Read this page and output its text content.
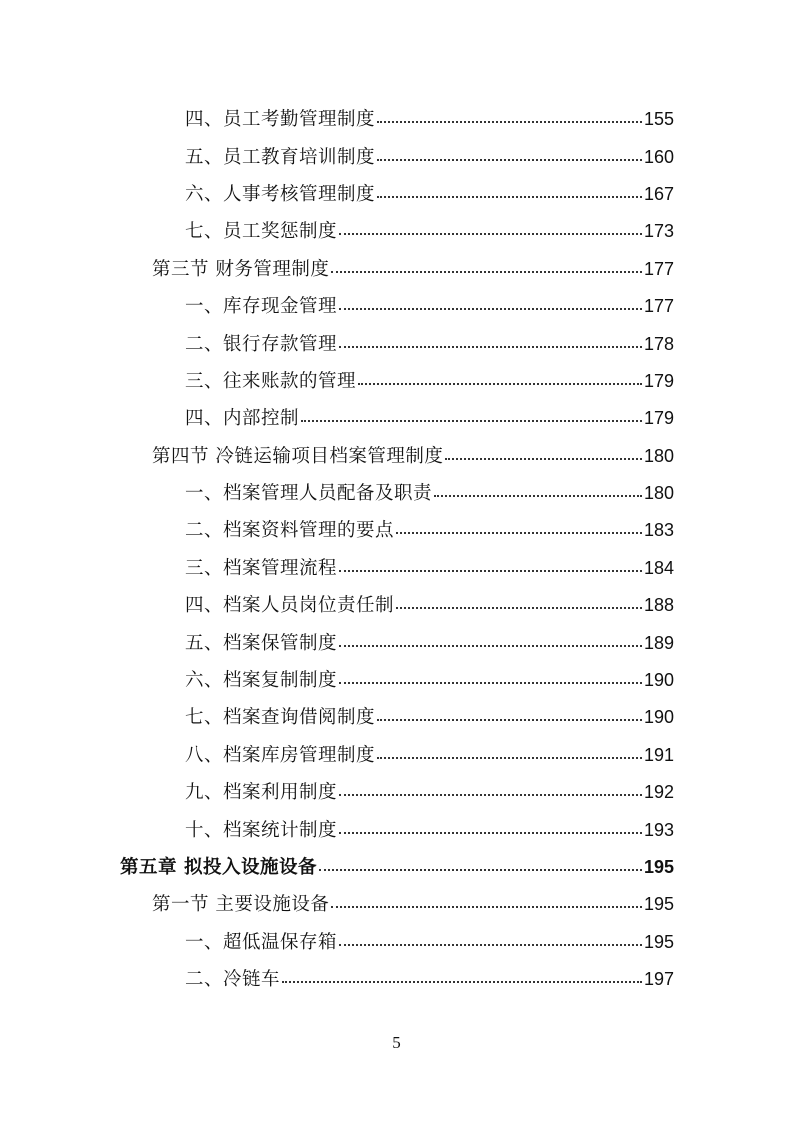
四、员工考勤管理制度	155
五、员工教育培训制度	160
六、人事考核管理制度	167
七、员工奖惩制度	173
第三节 财务管理制度	177
一、库存现金管理	177
二、银行存款管理	178
三、往来账款的管理	179
四、内部控制	179
第四节 冷链运输项目档案管理制度	180
一、档案管理人员配备及职责	180
二、档案资料管理的要点	183
三、档案管理流程	184
四、档案人员岗位责任制	188
五、档案保管制度	189
六、档案复制制度	190
七、档案查询借阅制度	190
八、档案库房管理制度	191
九、档案利用制度	192
十、档案统计制度	193
第五章 拟投入设施设备	195
第一节 主要设施设备	195
一、超低温保存箱	195
二、冷链车	197
5
